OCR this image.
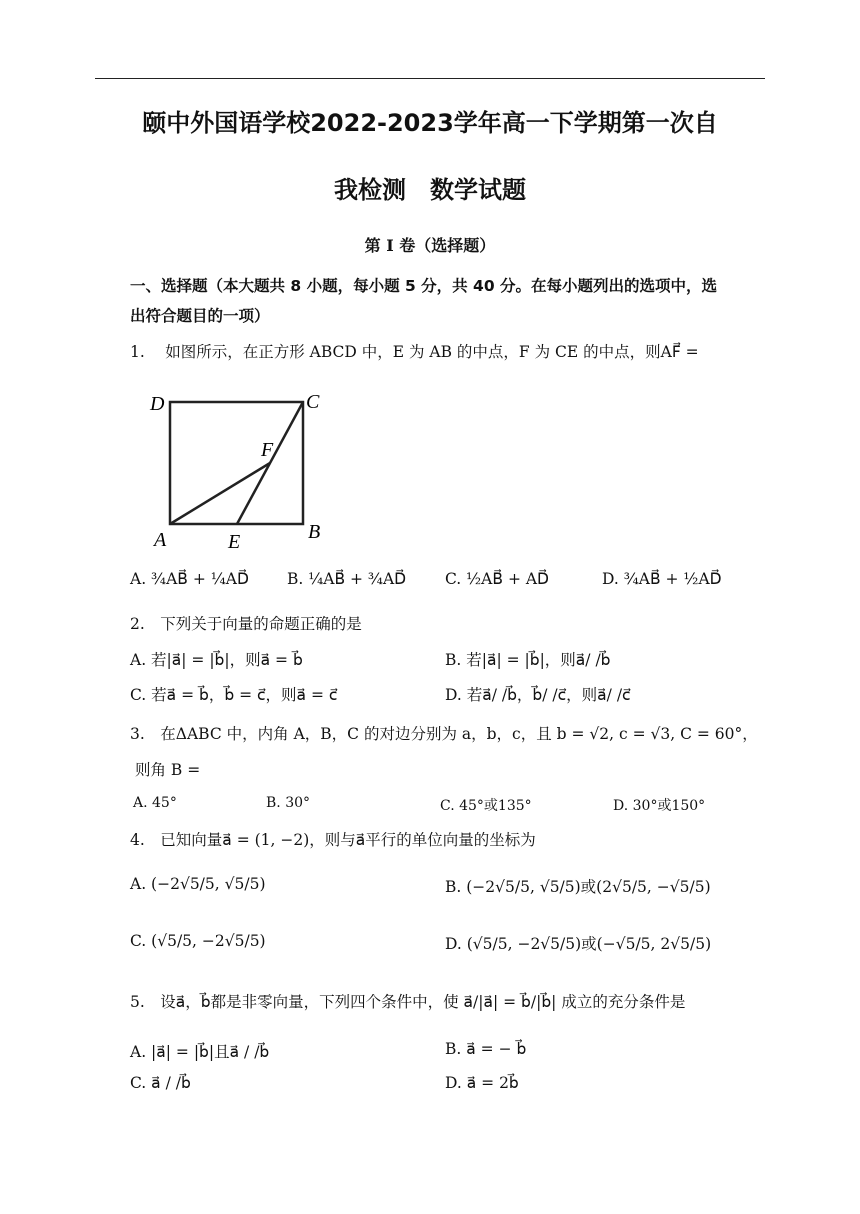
颐中外国语学校2022-2023学年高一下学期第一次自
我检测　数学试题
第 I 卷（选择题）
一、选择题（本大题共 8 小题，每小题 5 分，共 40 分。在每小题列出的选项中，选
出符合题目的一项）
1.　 如图所示，在正方形 ABCD 中，E 为 AB 的中点，F 为 CE 的中点，则AF⃗ =
D	C
F
A	E	B
A. ¾AB⃗ + ¼AD⃗ B. ¼AB⃗ + ¾AD⃗	C. ½AB⃗ + AD⃗	D. ¾AB⃗ + ½AD⃗
2.　下列关于向量的命题正确的是
A. 若|a⃗| = |b⃗|，则a⃗ = b⃗	B. 若|a⃗| = |b⃗|，则a⃗/ /b⃗
C. 若a⃗ = b⃗，b⃗ = c⃗，则a⃗ = c⃗	D. 若a⃗/ /b⃗，b⃗/ /c⃗，则a⃗/ /c⃗
3.　在ΔABC 中，内角 A，B，C 的对边分别为 a，b，c，且 b = √2, c = √3, C = 60°，
则角 B =
A. 45°	B. 30°	C. 45°或135°	D. 30°或150°
4.　已知向量a⃗ = (1, −2)，则与a⃗平行的单位向量的坐标为
A. (−2√5/5, √5/5)	B. (−2√5/5, √5/5)或(2√5/5, −√5/5)
C. (√5/5, −2√5/5)	D. (√5/5, −2√5/5)或(−√5/5, 2√5/5)
5.　设a⃗，b⃗都是非零向量，下列四个条件中，使 a⃗/|a⃗| = b⃗/|b⃗| 成立的充分条件是
A. |a⃗| = |b⃗|且a⃗ / /b⃗	B. a⃗ = − b⃗
C. a⃗ / /b⃗	D. a⃗ = 2b⃗
